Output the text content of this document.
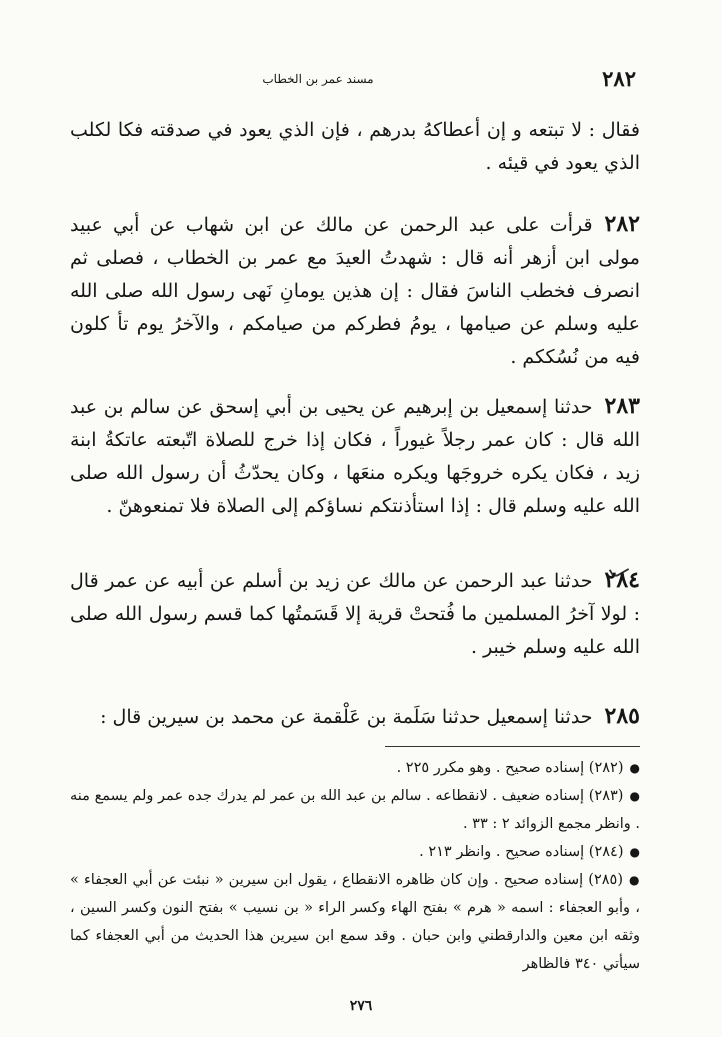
٢٨٢
مسند عمر بن الخطاب

فقال : لا تبتعه و إن أعطاكهُ بدرهم ، فإن الذي يعود في صدقته فكا لكلب الذي يعود في قيئه .

٢٨٢قرأت على عبد الرحمن عن مالك عن ابن شهاب عن أبي عبيد مولى ابن أزهر أنه قال : شهدتُ العيدَ مع عمر بن الخطاب ، فصلى ثم انصرف فخطب الناسَ فقال : إن هذين يومانِ نَهى رسول الله صلى الله عليه وسلم عن صيامها ، يومُ فطركم من صيامكم ، والآخرُ يوم تأ كلون فيه من نُسُككم .

٢٨٣حدثنا إسمعيل بن إبرهيم عن يحيى بن أبي إسحق عن سالم بن عبد الله قال : كان عمر رجلاً غيوراً ، فكان إذا خرج للصلاة اتّبعته عاتكةُ ابنة زيد ، فكان يكره خروجَها ويكره منعَها ، وكان يحدّثُ أن رسول الله صلى الله عليه وسلم قال : إذا استأذنتكم نساؤكم إلى الصلاة فلا تمنعوهنّ .

٢٨٤حدثنا عبد الرحمن عن مالك عن زيد بن أسلم عن أبيه عن عمر قال : لولا آخرُ المسلمين ما فُتحتْ قرية إلا قَسَمتُها كما قسم رسول الله صلى الله عليه وسلم خيبر .

٢٨٥حدثنا إسمعيل حدثنا سَلَمة بن عَلْقمة عن محمد بن سيرين قال :

●(٢٨٢) إسناده صحيح . وهو مكرر ٢٢٥ .

●(٢٨٣) إسناده ضعيف . لانقطاعه . سالم بن عبد الله بن عمر لم يدرك جده عمر ولم يسمع منه . وانظر مجمع الزوائد ٢ : ٣٣ .

●(٢٨٤) إسناده صحيح . وانظر ٢١٣ .

●(٢٨٥) إسناده صحيح . وإن كان ظاهره الانقطاع ، يقول ابن سيرين « نبئت عن أبي العجفاء » ، وأبو العجفاء : اسمه « هرم » بفتح الهاء وكسر الراء « بن نسيب » بفتح النون وكسر السين ، وثقه ابن معين والدارقطني وابن حبان . وقد سمع ابن سيرين هذا الحديث من أبي العجفاء كما سيأتي ٣٤٠ فالظاهر

٢٧٦
